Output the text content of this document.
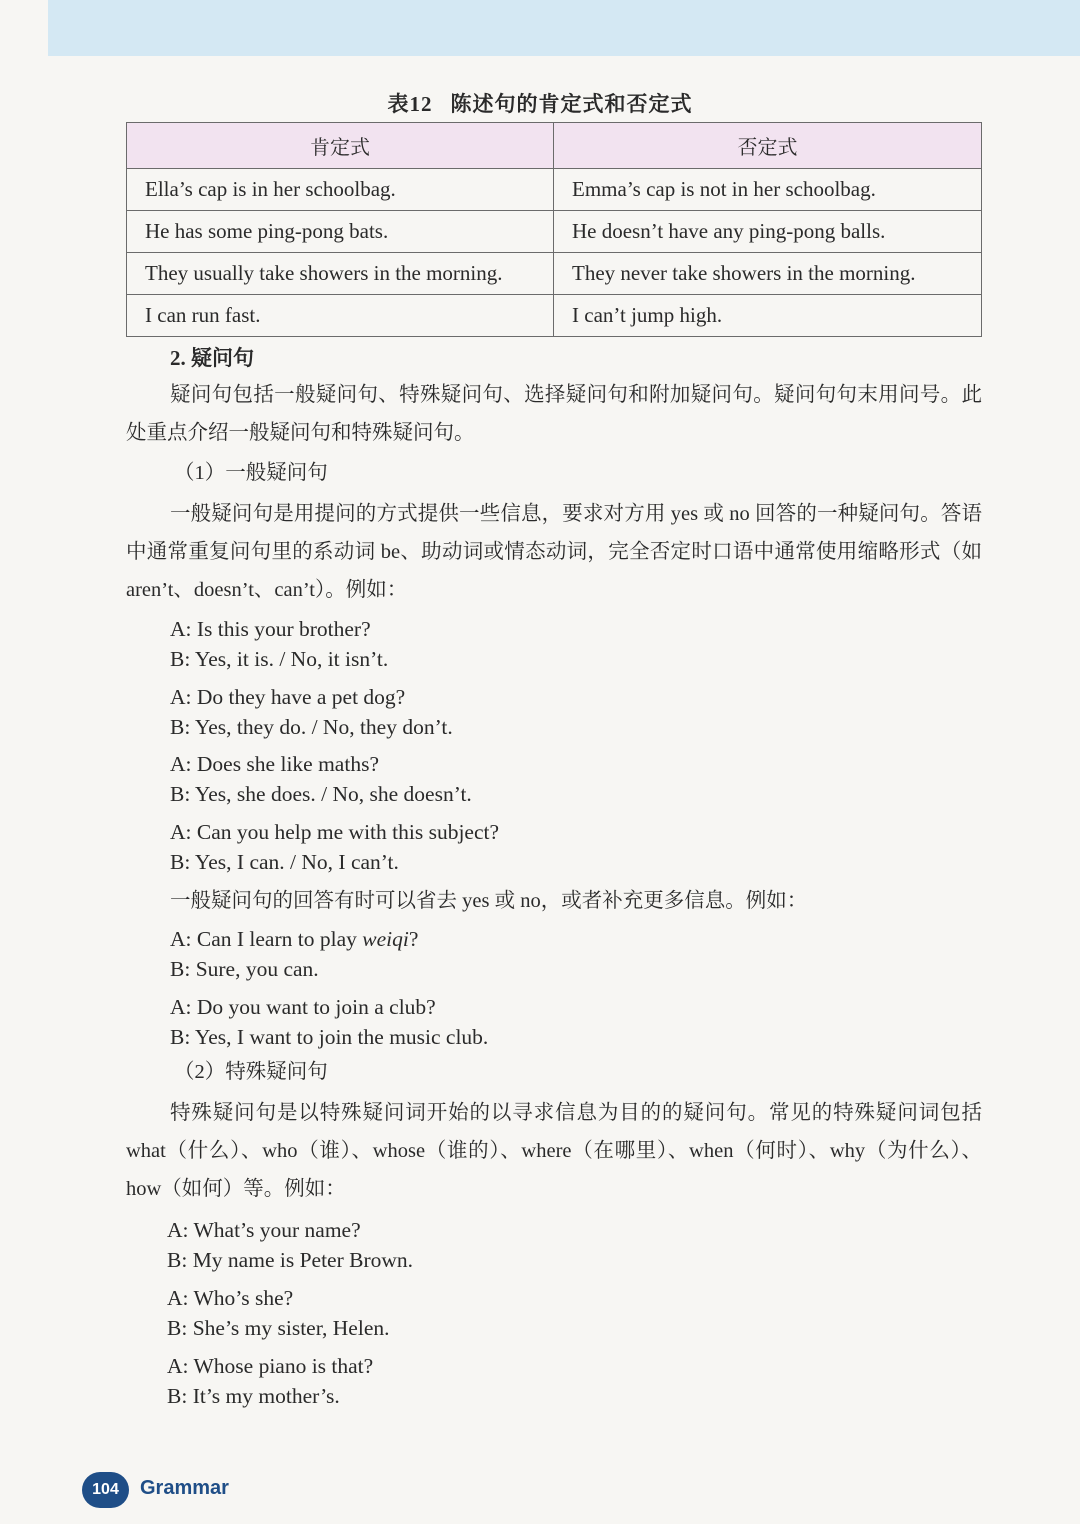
表12 陈述句的肯定式和否定式
肯定式	否定式
Ella’s cap is in her schoolbag.	Emma’s cap is not in her schoolbag.
He has some ping-pong bats.	He doesn’t have any ping-pong balls.
They usually take showers in the morning.	They never take showers in the morning.
I can run fast.	I can’t jump high.
2. 疑问句

疑问句包括一般疑问句、特殊疑问句、选择疑问句和附加疑问句。疑问句句末用问号。此处重点介绍一般疑问句和特殊疑问句。

（1）一般疑问句

一般疑问句是用提问的方式提供一些信息，要求对方用 yes 或 no 回答的一种疑问句。答语中通常重复问句里的系动词 be、助动词或情态动词，完全否定时口语中通常使用缩略形式（如 aren’t、doesn’t、can’t）。例如：

A: Is this your brother?
B: Yes, it is. / No, it isn’t.
A: Do they have a pet dog?
B: Yes, they do. / No, they don’t.
A: Does she like maths?
B: Yes, she does. / No, she doesn’t.
A: Can you help me with this subject?
B: Yes, I can. / No, I can’t.
一般疑问句的回答有时可以省去 yes 或 no，或者补充更多信息。例如：
A: Can I learn to play weiqi?
B: Sure, you can.
A: Do you want to join a club?
B: Yes, I want to join the music club.
（2）特殊疑问句

特殊疑问句是以特殊疑问词开始的以寻求信息为目的的疑问句。常见的特殊疑问词包括 what（什么）、who（谁）、whose（谁的）、where（在哪里）、when（何时）、why（为什么）、how（如何）等。例如：

A: What’s your name?
B: My name is Peter Brown.
A: Who’s she?
B: She’s my sister, Helen.
A: Whose piano is that?
B: It’s my mother’s.
104	Grammar
